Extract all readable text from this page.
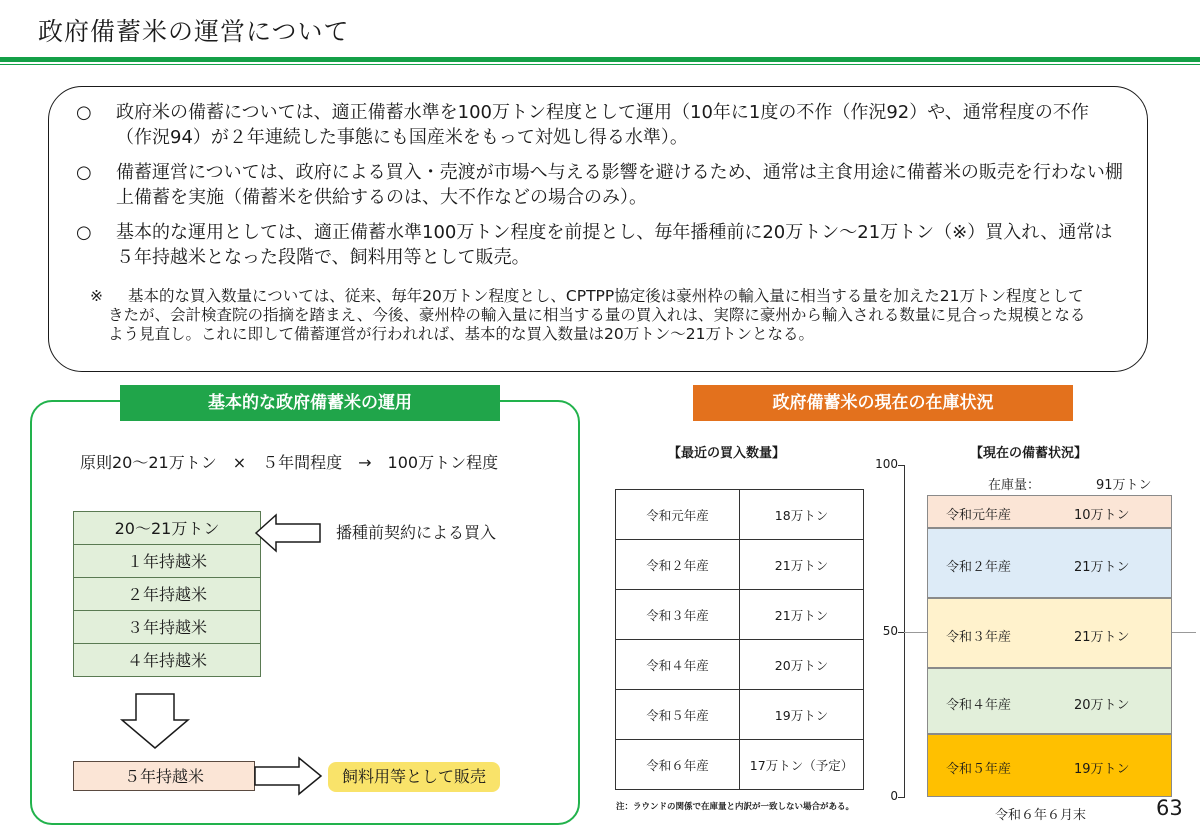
政府備蓄米の運営について
○ 政府米の備蓄については、適正備蓄水準を100万トン程度として運用（10年に1度の不作（作況92）や、通常程度の不作（作況94）が２年連続した事態にも国産米をもって対処し得る水準）。
○ 備蓄運営については、政府による買入・売渡が市場へ与える影響を避けるため、通常は主食用途に備蓄米の販売を行わない棚上備蓄を実施（備蓄米を供給するのは、大不作などの場合のみ）。
○ 基本的な運用としては、適正備蓄水準100万トン程度を前提とし、毎年播種前に20万トン～21万トン（※）買入れ、通常は５年持越米となった段階で、飼料用等として販売。
※	基本的な買入数量については、従来、毎年20万トン程度とし、CPTPP協定後は豪州枠の輸入量に相当する量を加えた21万トン程度としてきたが、会計検査院の指摘を踏まえ、今後、豪州枠の輸入量に相当する量の買入れは、実際に豪州から輸入される数量に見合った規模となるよう見直し。これに即して備蓄運営が行われれば、基本的な買入数量は20万トン～21万トンとなる。
基本的な政府備蓄米の運用
原則20～21万トン　×　５年間程度　→　100万トン程度
20～21万トン
１年持越米
２年持越米
３年持越米
４年持越米
播種前契約による買入
５年持越米	飼料用等として販売
政府備蓄米の現在の在庫状況
【最近の買入数量】
令和元年産	18万トン
令和２年産	21万トン
令和３年産	21万トン
令和４年産	20万トン
令和５年産	19万トン
令和６年産	17万トン（予定）
注：ラウンドの関係で在庫量と内訳が一致しない場合がある。
【現在の備蓄状況】
100
50
0
令和５年産	19万トン
令和４年産	20万トン
令和３年産	21万トン
令和２年産	21万トン
令和元年産	10万トン
在庫量：	91万トン
令和６年６月末	63
